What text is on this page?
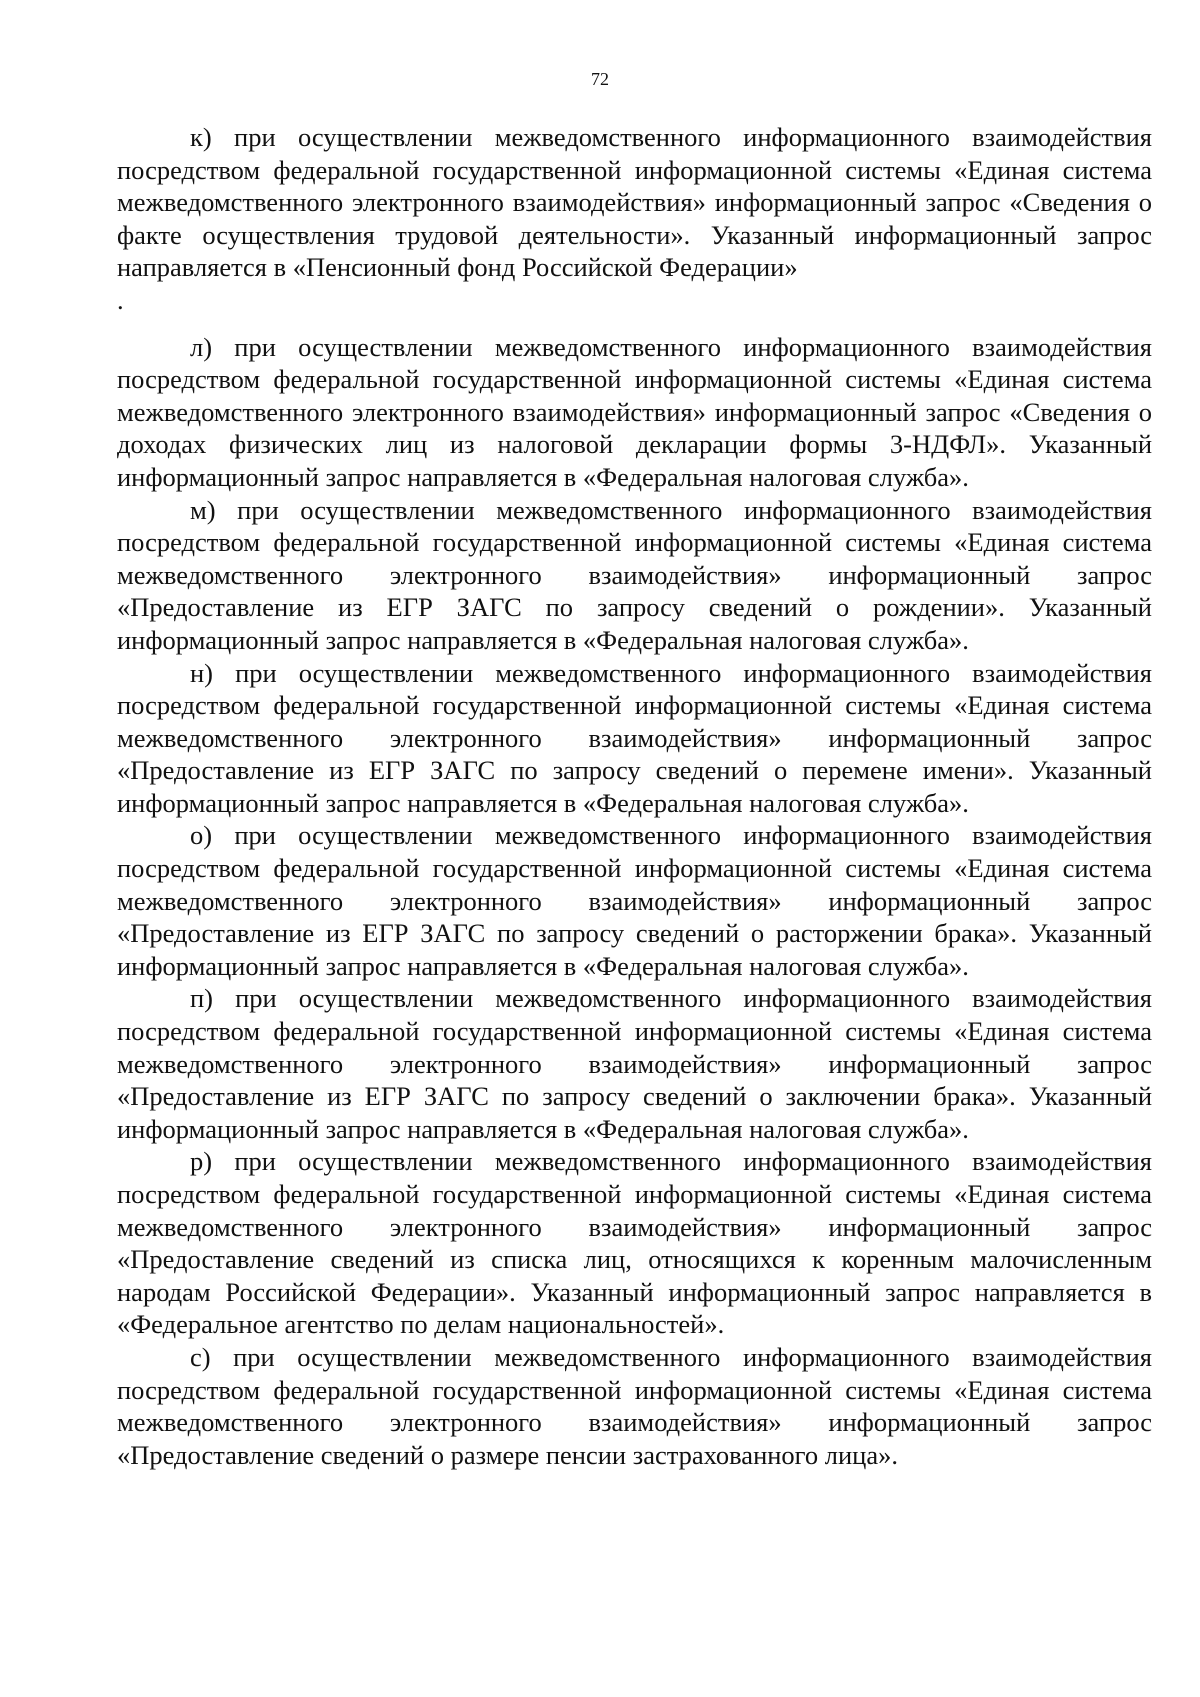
72

к) при осуществлении межведомственного информационного взаимодействия посредством федеральной государственной информационной системы «Единая система межведомственного электронного взаимодействия» информационный запрос «Сведения о факте осуществления трудовой деятельности». Указанный информационный запрос направляется в «Пенсионный фонд Российской Федерации»

.

л) при осуществлении межведомственного информационного взаимодействия посредством федеральной государственной информационной системы «Единая система межведомственного электронного взаимодействия» информационный запрос «Сведения о доходах физических лиц из налоговой декларации формы 3-НДФЛ». Указанный информационный запрос направляется в «Федеральная налоговая служба».

м) при осуществлении межведомственного информационного взаимодействия посредством федеральной государственной информационной системы «Единая система межведомственного электронного взаимодействия» информационный запрос «Предоставление из ЕГР ЗАГС по запросу сведений о рождении». Указанный информационный запрос направляется в «Федеральная налоговая служба».

н) при осуществлении межведомственного информационного взаимодействия посредством федеральной государственной информационной системы «Единая система межведомственного электронного взаимодействия» информационный запрос «Предоставление из ЕГР ЗАГС по запросу сведений о перемене имени». Указанный информационный запрос направляется в «Федеральная налоговая служба».

о) при осуществлении межведомственного информационного взаимодействия посредством федеральной государственной информационной системы «Единая система межведомственного электронного взаимодействия» информационный запрос «Предоставление из ЕГР ЗАГС по запросу сведений о расторжении брака». Указанный информационный запрос направляется в «Федеральная налоговая служба».

п) при осуществлении межведомственного информационного взаимодействия посредством федеральной государственной информационной системы «Единая система межведомственного электронного взаимодействия» информационный запрос «Предоставление из ЕГР ЗАГС по запросу сведений о заключении брака». Указанный информационный запрос направляется в «Федеральная налоговая служба».

р) при осуществлении межведомственного информационного взаимодействия посредством федеральной государственной информационной системы «Единая система межведомственного электронного взаимодействия» информационный запрос «Предоставление сведений из списка лиц, относящихся к коренным малочисленным народам Российской Федерации». Указанный информационный запрос направляется в «Федеральное агентство по делам национальностей».

с) при осуществлении межведомственного информационного взаимодействия посредством федеральной государственной информационной системы «Единая система межведомственного электронного взаимодействия» информационный запрос «Предоставление сведений о размере пенсии застрахованного лица».
